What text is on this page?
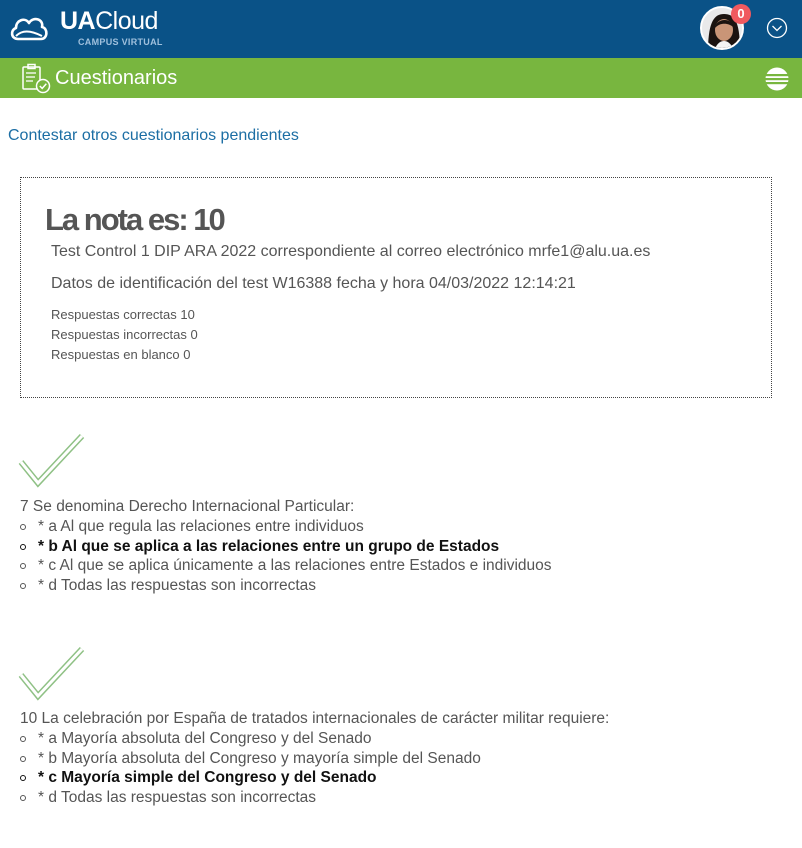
UACloud
CAMPUS VIRTUAL
0
Cuestionarios
Contestar otros cuestionarios pendientes
La nota es: 10
Test Control 1 DIP ARA 2022 correspondiente al correo electrónico mrfe1@alu.ua.es
Datos de identificación del test W16388 fecha y hora 04/03/2022 12:14:21
Respuestas correctas 10
Respuestas incorrectas 0
Respuestas en blanco 0
7 Se denomina Derecho Internacional Particular:
* a Al que regula las relaciones entre individuos
* b Al que se aplica a las relaciones entre un grupo de Estados
* c Al que se aplica únicamente a las relaciones entre Estados e individuos
* d Todas las respuestas son incorrectas
10 La celebración por España de tratados internacionales de carácter militar requiere:
* a Mayoría absoluta del Congreso y del Senado
* b Mayoría absoluta del Congreso y mayoría simple del Senado
* c Mayoría simple del Congreso y del Senado
* d Todas las respuestas son incorrectas
